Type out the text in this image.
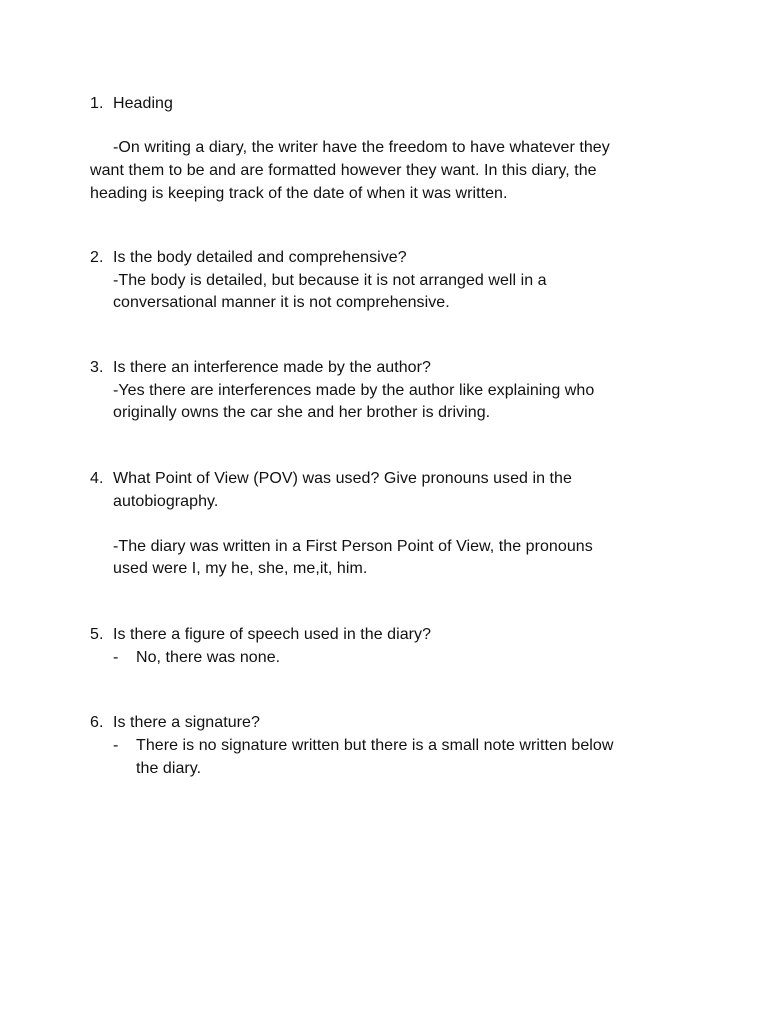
1. Heading
-On writing a diary, the writer have the freedom to have whatever they
want them to be and are formatted however they want. In this diary, the
heading is keeping track of the date of when it was written.
2. Is the body detailed and comprehensive?
-The body is detailed, but because it is not arranged well in a
conversational manner it is not comprehensive.
3. Is there an interference made by the author?
-Yes there are interferences made by the author like explaining who
originally owns the car she and her brother is driving.
4. What Point of View (POV) was used? Give pronouns used in the
autobiography.
-The diary was written in a First Person Point of View, the pronouns
used were I, my he, she, me,it, him.
5. Is there a figure of speech used in the diary?
- No, there was none.
6. Is there a signature?
- There is no signature written but there is a small note written below
the diary.
